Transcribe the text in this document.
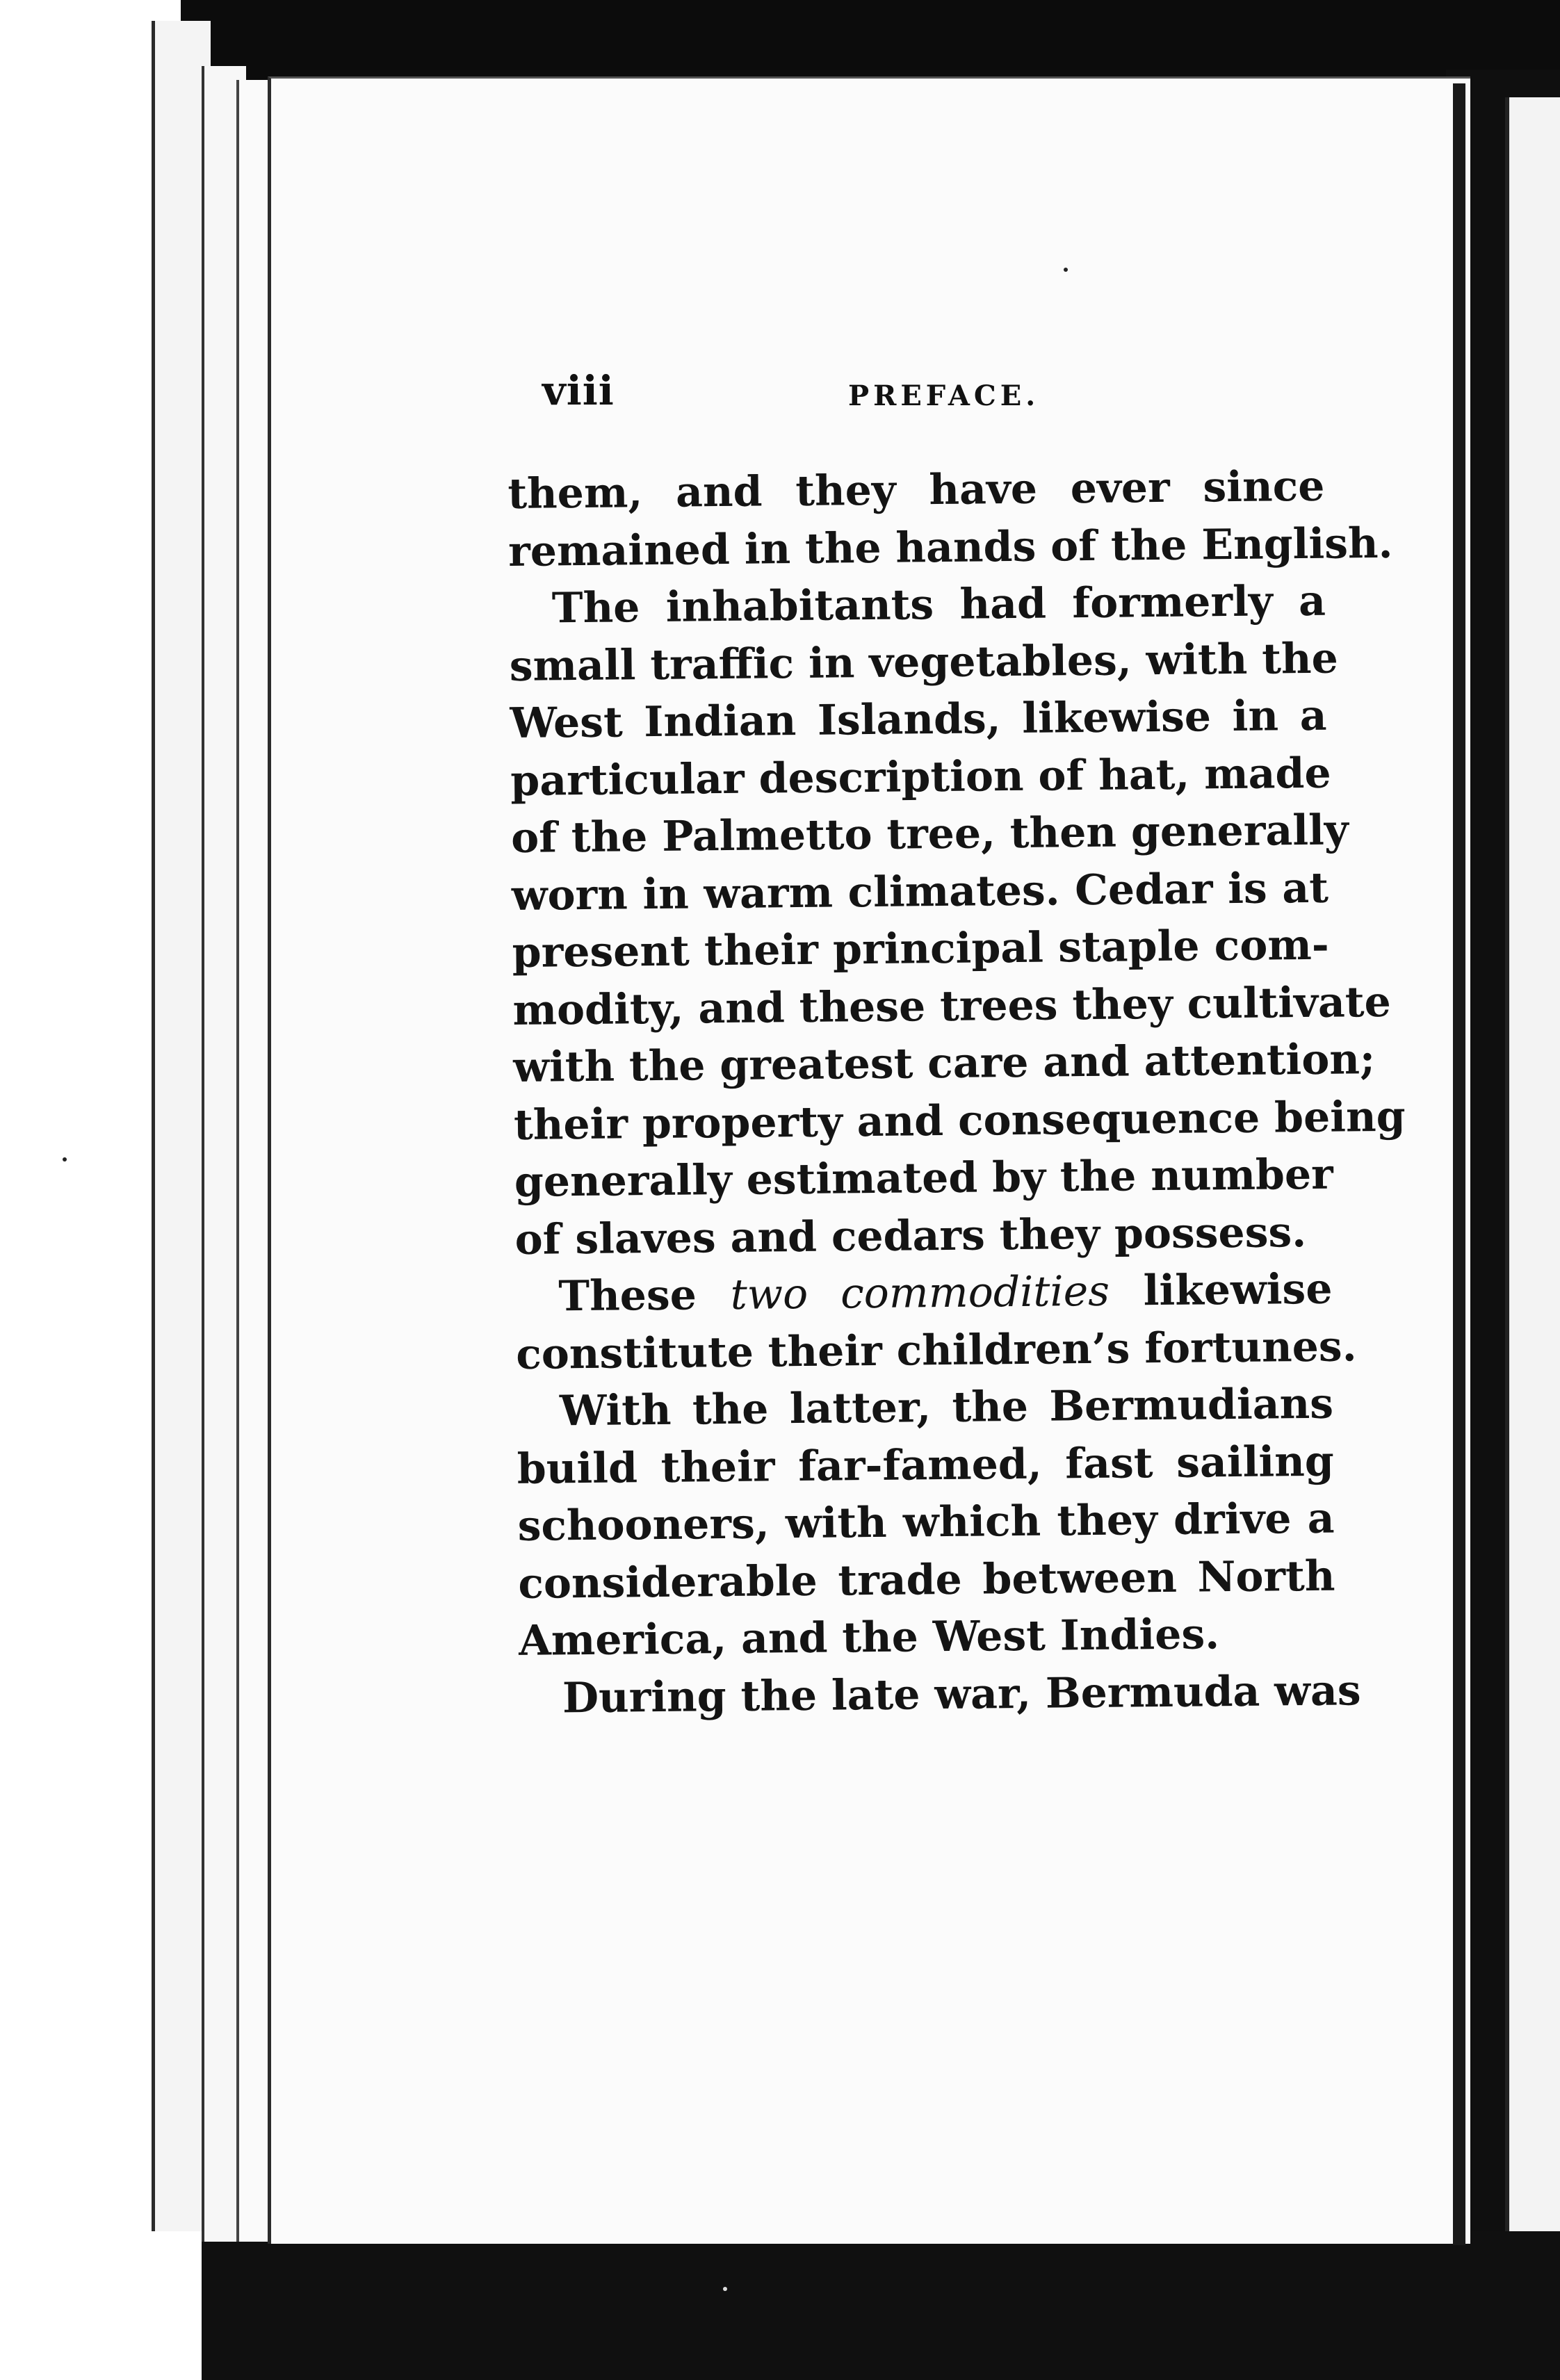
viii	PREFACE.
them, and they have ever since
remained in the hands of the English.
The inhabitants had formerly a
small traffic in vegetables, with the
West Indian Islands, likewise in a
particular description of hat, made
of the Palmetto tree, then generally
worn in warm climates. Cedar is at
present their principal staple com-
modity, and these trees they cultivate
with the greatest care and attention;
their property and consequence being
generally estimated by the number
of slaves and cedars they possess.
These two commodities likewise
constitute their children’s fortunes.
With the latter, the Bermudians
build their far-famed, fast sailing
schooners, with which they drive a
considerable trade between North
America, and the West Indies.
During the late war, Bermuda was
